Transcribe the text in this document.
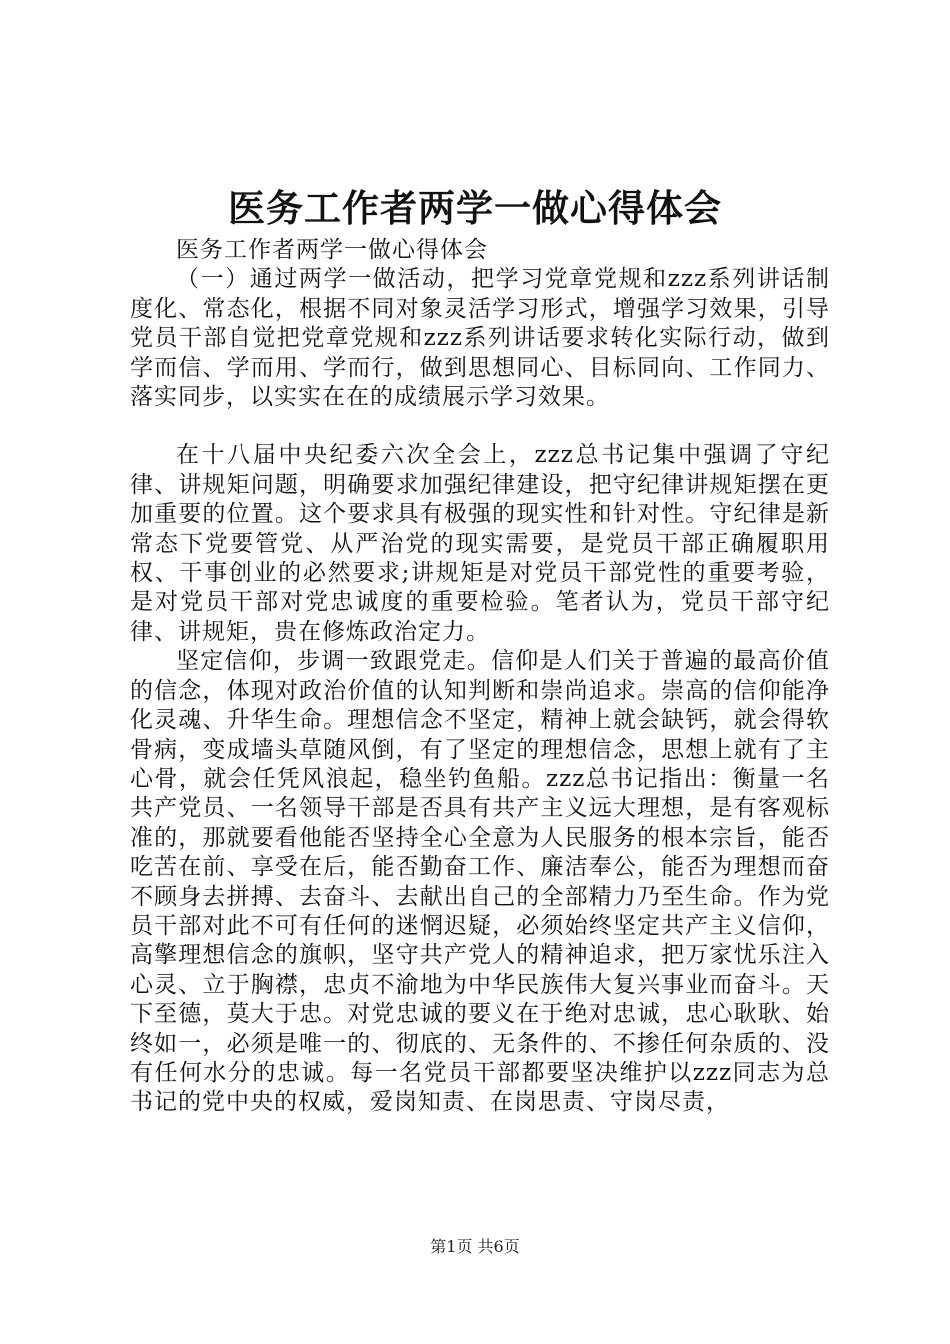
医务工作者两学一做心得体会

医务工作者两学一做心得体会

（一）通过两学一做活动，把学习党章党规和zzz系列讲话制度化、常态化，根据不同对象灵活学习形式，增强学习效果，引导党员干部自觉把党章党规和zzz系列讲话要求转化实际行动，做到学而信、学而用、学而行，做到思想同心、目标同向、工作同力、落实同步，以实实在在的成绩展示学习效果。

在十八届中央纪委六次全会上，zzz总书记集中强调了守纪律、讲规矩问题，明确要求加强纪律建设，把守纪律讲规矩摆在更加重要的位置。这个要求具有极强的现实性和针对性。守纪律是新常态下党要管党、从严治党的现实需要，是党员干部正确履职用权、干事创业的必然要求;讲规矩是对党员干部党性的重要考验，是对党员干部对党忠诚度的重要检验。笔者认为，党员干部守纪律、讲规矩，贵在修炼政治定力。

坚定信仰，步调一致跟党走。信仰是人们关于普遍的最高价值的信念，体现对政治价值的认知判断和崇尚追求。崇高的信仰能净化灵魂、升华生命。理想信念不坚定，精神上就会缺钙，就会得软骨病，变成墙头草随风倒，有了坚定的理想信念，思想上就有了主心骨，就会任凭风浪起，稳坐钓鱼船。zzz总书记指出：衡量一名共产党员、一名领导干部是否具有共产主义远大理想，是有客观标准的，那就要看他能否坚持全心全意为人民服务的根本宗旨，能否吃苦在前、享受在后，能否勤奋工作、廉洁奉公，能否为理想而奋不顾身去拼搏、去奋斗、去献出自己的全部精力乃至生命。作为党员干部对此不可有任何的迷惘迟疑，必须始终坚定共产主义信仰，高擎理想信念的旗帜，坚守共产党人的精神追求，把万家忧乐注入心灵、立于胸襟，忠贞不渝地为中华民族伟大复兴事业而奋斗。天下至德，莫大于忠。对党忠诚的要义在于绝对忠诚，忠心耿耿、始终如一，必须是唯一的、彻底的、无条件的、不掺任何杂质的、没有任何水分的忠诚。每一名党员干部都要坚决维护以zzz同志为总书记的党中央的权威，爱岗知责、在岗思责、守岗尽责，

第1页 共6页
